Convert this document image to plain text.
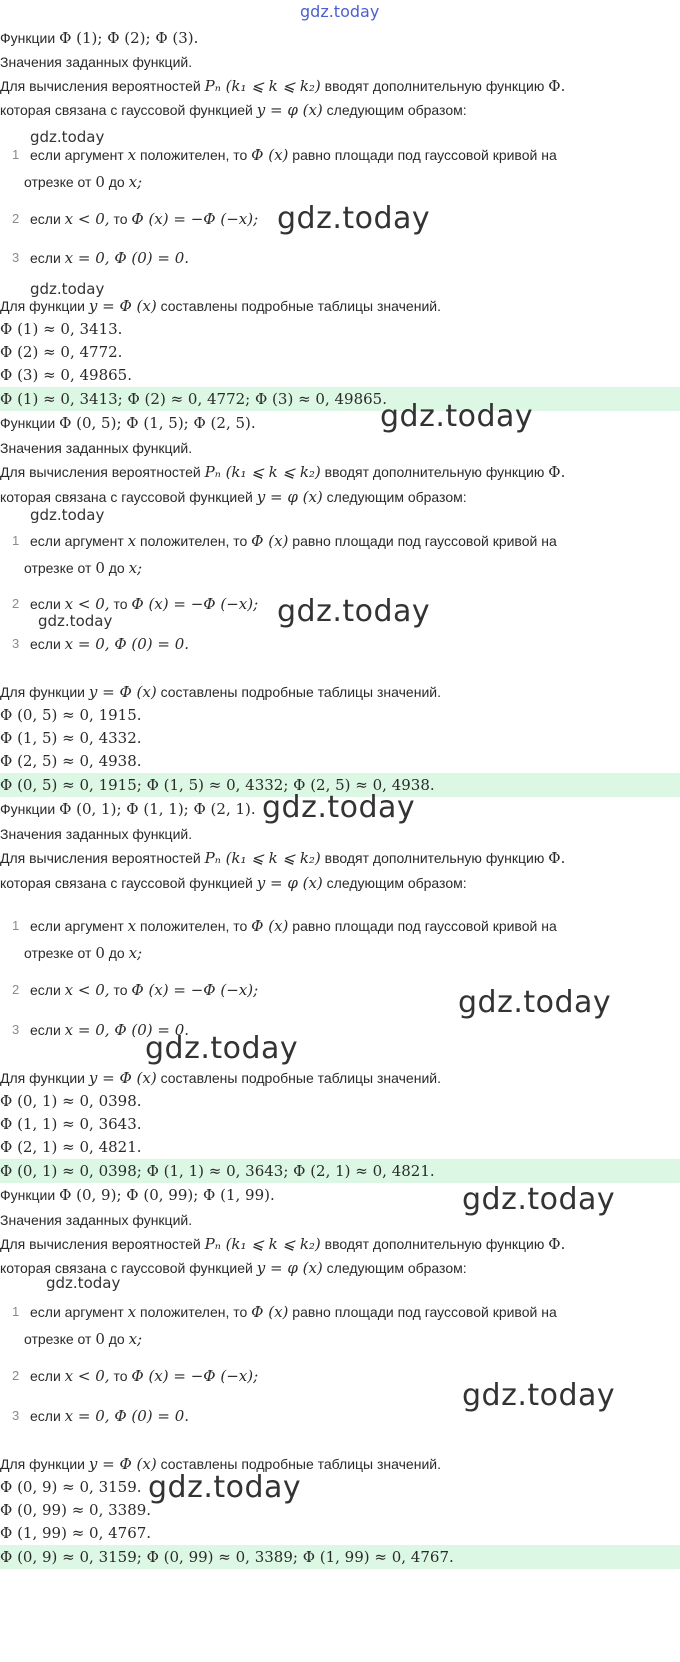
gdz.today
Функции Φ (1); Φ (2); Φ (3).
Значения заданных функций.
Для вычисления вероятностей Pₙ (k₁ ⩽ k ⩽ k₂) вводят дополнительную функцию Φ.
которая связана с гауссовой функцией y = φ (x) следующим образом:
gdz.today
1 если аргумент x положителен, то Φ (x) равно площади под гауссовой кривой на
отрезке от 0 до x;
2 если x < 0, то Φ (x) = −Φ (−x); gdz.today
3 если x = 0, Φ (0) = 0.
gdz.today
Для функции y = Φ (x) составлены подробные таблицы значений.
Φ (1) ≈ 0, 3413.
Φ (2) ≈ 0, 4772.
Φ (3) ≈ 0, 49865.
Φ (1) ≈ 0, 3413; Φ (2) ≈ 0, 4772; Φ (3) ≈ 0, 49865.
Функции Φ (0, 5); Φ (1, 5); Φ (2, 5).	gdz.today
Значения заданных функций.
Для вычисления вероятностей Pₙ (k₁ ⩽ k ⩽ k₂) вводят дополнительную функцию Φ.
которая связана с гауссовой функцией y = φ (x) следующим образом:
gdz.today
1 если аргумент x положителен, то Φ (x) равно площади под гауссовой кривой на
отрезке от 0 до x;
2 если x < 0, то Φ (x) = −Φ (−x); gdz.today
gdz.today
3 если x = 0, Φ (0) = 0.
Для функции y = Φ (x) составлены подробные таблицы значений.
Φ (0, 5) ≈ 0, 1915.
Φ (1, 5) ≈ 0, 4332.
Φ (2, 5) ≈ 0, 4938.
Φ (0, 5) ≈ 0, 1915; Φ (1, 5) ≈ 0, 4332; Φ (2, 5) ≈ 0, 4938.
Функции Φ (0, 1); Φ (1, 1); Φ (2, 1). gdz.today
Значения заданных функций.
Для вычисления вероятностей Pₙ (k₁ ⩽ k ⩽ k₂) вводят дополнительную функцию Φ.
которая связана с гауссовой функцией y = φ (x) следующим образом:
1 если аргумент x положителен, то Φ (x) равно площади под гауссовой кривой на
отрезке от 0 до x;
2 если x < 0, то Φ (x) = −Φ (−x);	gdz.today
3 если x = 0, Φ (0) = 0.
gdz.today
Для функции y = Φ (x) составлены подробные таблицы значений.
Φ (0, 1) ≈ 0, 0398.
Φ (1, 1) ≈ 0, 3643.
Φ (2, 1) ≈ 0, 4821.
Φ (0, 1) ≈ 0, 0398; Φ (1, 1) ≈ 0, 3643; Φ (2, 1) ≈ 0, 4821.
Функции Φ (0, 9); Φ (0, 99); Φ (1, 99).	gdz.today
Значения заданных функций.
Для вычисления вероятностей Pₙ (k₁ ⩽ k ⩽ k₂) вводят дополнительную функцию Φ.
которая связана с гауссовой функцией y = φ (x) следующим образом:
gdz.today
1 если аргумент x положителен, то Φ (x) равно площади под гауссовой кривой на
отрезке от 0 до x;
2 если x < 0, то Φ (x) = −Φ (−x);
gdz.today
3 если x = 0, Φ (0) = 0.
Для функции y = Φ (x) составлены подробные таблицы значений.
Φ (0, 9) ≈ 0, 3159. gdz.today
Φ (0, 99) ≈ 0, 3389.
Φ (1, 99) ≈ 0, 4767.
Φ (0, 9) ≈ 0, 3159; Φ (0, 99) ≈ 0, 3389; Φ (1, 99) ≈ 0, 4767.
